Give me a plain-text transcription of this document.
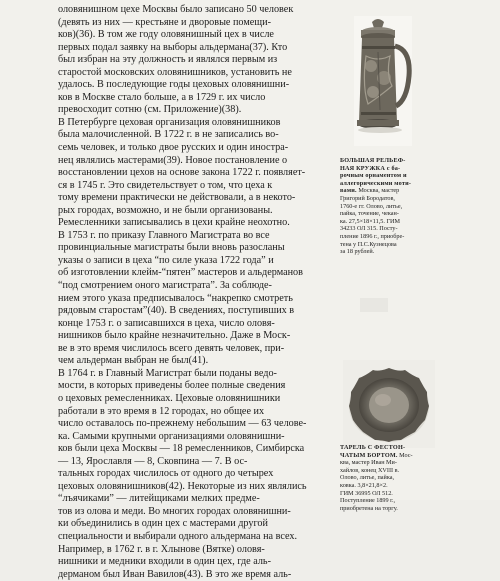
оловянишном цехе Москвы было записано 50 человек
(девять из них — крестьяне и дворовые помещи-
ков)(36). В том же году оловянишный цех в числе
первых подал заявку на выборы альдермана(37). Кто
был избран на эту должность и являлся первым из
старостой московских оловянишников, установить не
удалось. В последующие годы цеховых оловянишни-
ков в Москве стало больше, а в 1729 г. их число
превосходит сотню (см. Приложение)(38).

В Петербурге цеховая организация оловянишников
была малочисленной. В 1722 г. в не записались во-
семь человек, и только двое русских и один иностра-
нец являлись мастерами(39). Новое постановление о
восстановлении цехов на основе закона 1722 г. появляет-
ся в 1745 г. Это свидетельствует о том, что цеха к
тому времени практически не действовали, а в некото-
рых городах, возможно, и не были организованы.
Ремесленники записывались в цехи крайне неохотно.

В 1753 г. по приказу Главного Магистрата во все
провинциальные магистраты были вновь разосланы
указы о записи в цеха “по силе указа 1722 года” и
об изготовлении клейм-“пятен” мастеров и альдерманов
“под смотрением оного магистрата”. За соблюде-
нием этого указа предписывалось “накрепко смотреть
рядовым старостам”(40). В сведениях, поступивших в
конце 1753 г. о записавшихся в цеха, число оловя-
нишников было крайне незначительно. Даже в Моск-
ве в это время числилось всего девять человек, при-
чем альдерман выбран не был(41).

В 1764 г. в Главный Магистрат были поданы ведо-
мости, в которых приведены более полные сведения
о цеховых ремесленниках. Цеховые оловянишники
работали в это время в 12 городах, но общее их
число оставалось по-прежнему небольшим — 63 челове-
ка. Самыми крупными организациями оловянишни-
ков были цеха Москвы — 18 ремесленников, Симбирска
— 13, Ярославля — 8, Сковпина — 7. В ос-
тальных городах числилось от одного до четырех
цеховых оловянишников(42). Некоторые из них являлись
“лъячиками” — литейщиками мелких предме-
тов из олова и меди. Во многих городах оловянишни-
ки объединились в один цех с мастерами другой
специальности и выбирали одного альдермана на всех.
Например, в 1762 г. в г. Хлынове (Вятке) оловя-
нишники и медники входили в один цех, где аль-
дерманом был Иван Вавилов(43). В это же время аль-

БОЛЬШАЯ РЕЛЬЕФ-
НАЯ КРУЖКА с ба-
рочным орнаментом и
аллегорическими моти-
вами. Москва, мастер
Григорий Бородатов,
1760-е гг. Олово, литье,
пайка, точение, чекан-
ка. 27,5×18×11,5. ГИМ
34233 ОЛ 315. Посту-
пление 1896 г., приобре-
тена у П.С.Кузнецова
за 18 рублей.
ТАРЕЛЬ С ФЕСТОН-
ЧАТЫМ БОРТОМ. Мос-
ква, мастер Иван Ми-
хайлов, конец XVIII в.
Олово, литье, пайка,
ковка. 3,8×21,8×2.
ГИМ 36995 ОЛ 512.
Поступление 1899 г.,
приобретена на торгу.
